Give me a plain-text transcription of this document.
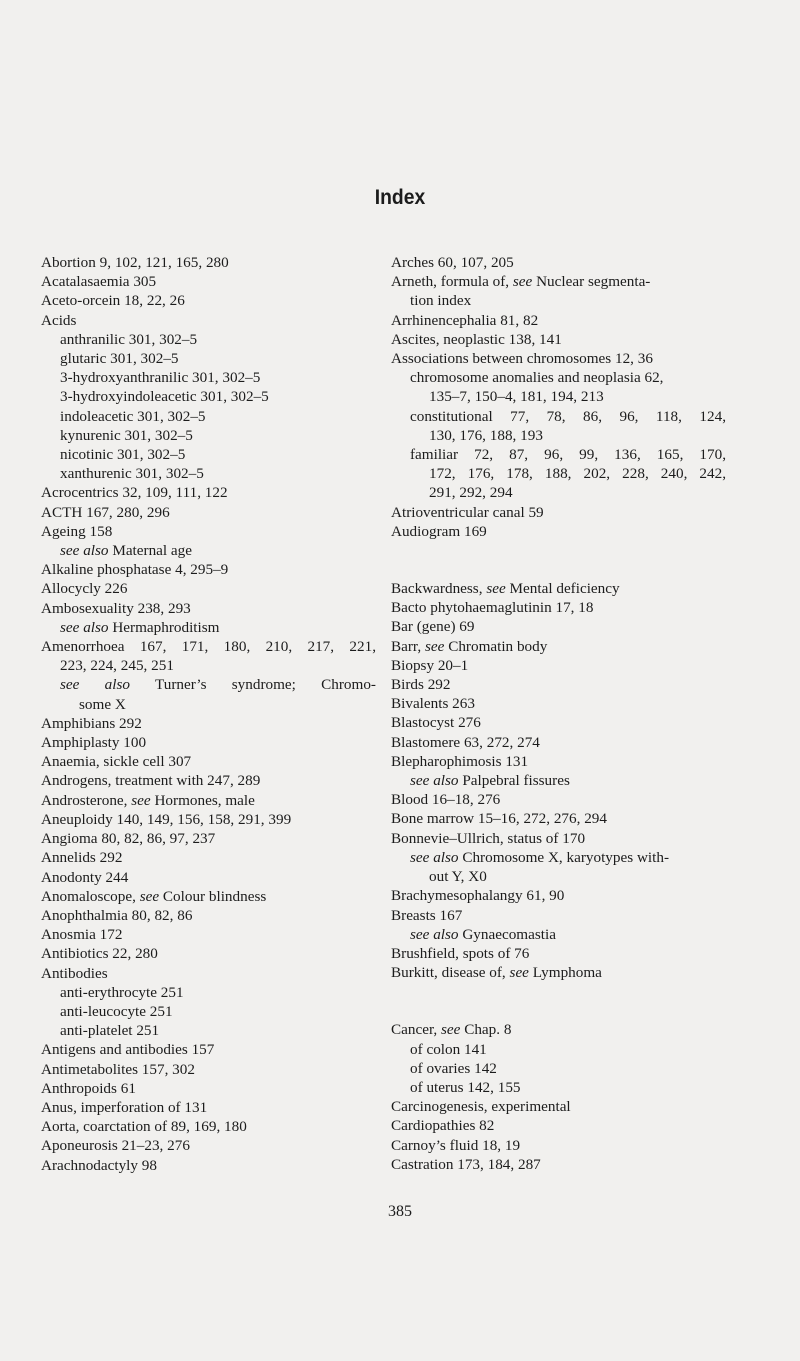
Index
Abortion 9, 102, 121, 165, 280
Acatalasaemia 305
Aceto-orcein 18, 22, 26
Acids
anthranilic 301, 302–5
glutaric 301, 302–5
3-hydroxyanthranilic 301, 302–5
3-hydroxyindoleacetic 301, 302–5
indoleacetic 301, 302–5
kynurenic 301, 302–5
nicotinic 301, 302–5
xanthurenic 301, 302–5
Acrocentrics 32, 109, 111, 122
ACTH 167, 280, 296
Ageing 158
see also Maternal age
Alkaline phosphatase 4, 295–9
Allocycly 226
Ambosexuality 238, 293
see also Hermaphroditism
Amenorrhoea 167, 171, 180, 210, 217, 221,
223, 224, 245, 251
see also Turner’s syndrome; Chromo-
some X
Amphibians 292
Amphiplasty 100
Anaemia, sickle cell 307
Androgens, treatment with 247, 289
Androsterone, see Hormones, male
Aneuploidy 140, 149, 156, 158, 291, 399
Angioma 80, 82, 86, 97, 237
Annelids 292
Anodonty 244
Anomaloscope, see Colour blindness
Anophthalmia 80, 82, 86
Anosmia 172
Antibiotics 22, 280
Antibodies
anti-erythrocyte 251
anti-leucocyte 251
anti-platelet 251
Antigens and antibodies 157
Antimetabolites 157, 302
Anthropoids 61
Anus, imperforation of 131
Aorta, coarctation of 89, 169, 180
Aponeurosis 21–23, 276
Arachnodactyly 98
Arches 60, 107, 205
Arneth, formula of, see Nuclear segmenta-
tion index
Arrhinencephalia 81, 82
Ascites, neoplastic 138, 141
Associations between chromosomes 12, 36
chromosome anomalies and neoplasia 62,
135–7, 150–4, 181, 194, 213
constitutional 77, 78, 86, 96, 118, 124,
130, 176, 188, 193
familiar 72, 87, 96, 99, 136, 165, 170,
172, 176, 178, 188, 202, 228, 240, 242,
291, 292, 294
Atrioventricular canal 59
Audiogram 169
Backwardness, see Mental deficiency
Bacto phytohaemaglutinin 17, 18
Bar (gene) 69
Barr, see Chromatin body
Biopsy 20–1
Birds 292
Bivalents 263
Blastocyst 276
Blastomere 63, 272, 274
Blepharophimosis 131
see also Palpebral fissures
Blood 16–18, 276
Bone marrow 15–16, 272, 276, 294
Bonnevie–Ullrich, status of 170
see also Chromosome X, karyotypes with-
out Y, X0
Brachymesophalangy 61, 90
Breasts 167
see also Gynaecomastia
Brushfield, spots of 76
Burkitt, disease of, see Lymphoma
Cancer, see Chap. 8
of colon 141
of ovaries 142
of uterus 142, 155
Carcinogenesis, experimental
Cardiopathies 82
Carnoy’s fluid 18, 19
Castration 173, 184, 287
385
